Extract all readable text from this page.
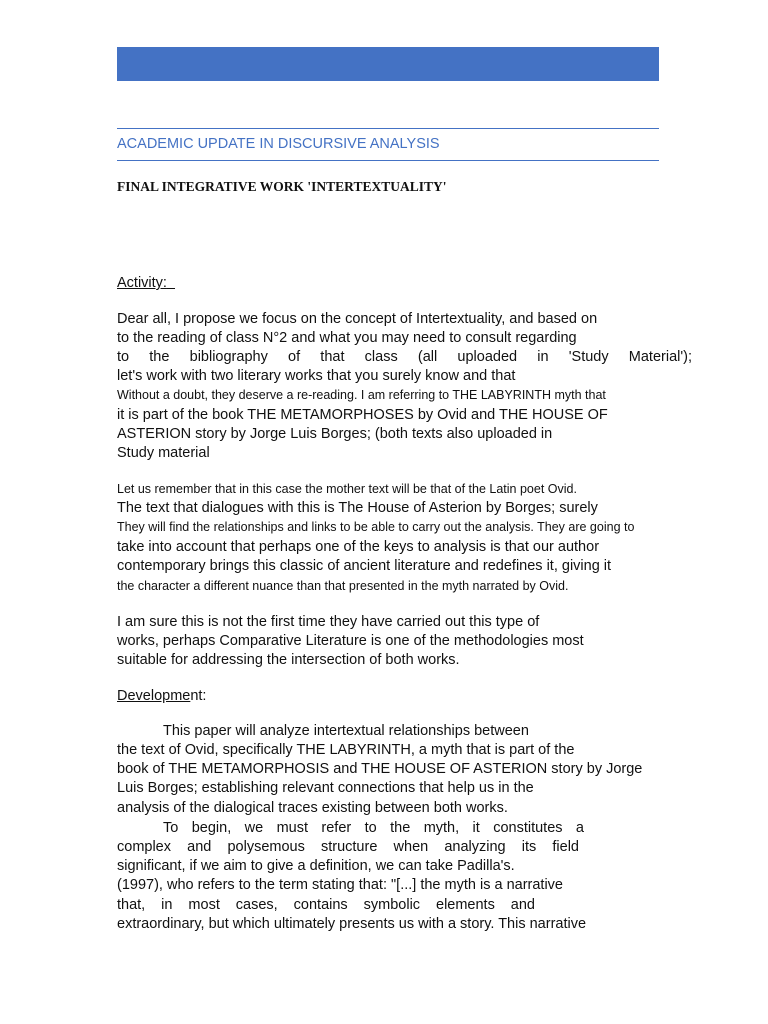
ACADEMIC UPDATE IN DISCURSIVE ANALYSIS
FINAL INTEGRATIVE WORK 'INTERTEXTUALITY'
Activity:
Dear all, I propose we focus on the concept of Intertextuality, and based on
to the reading of class N°2 and what you may need to consult regarding
to the bibliography of that class (all uploaded in 'Study Material');
let's work with two literary works that you surely know and that
Without a doubt, they deserve a re-reading. I am referring to THE LABYRINTH myth that
it is part of the book THE METAMORPHOSES by Ovid and THE HOUSE OF
ASTERION story by Jorge Luis Borges; (both texts also uploaded in
Study material
Let us remember that in this case the mother text will be that of the Latin poet Ovid.
The text that dialogues with this is The House of Asterion by Borges; surely
They will find the relationships and links to be able to carry out the analysis. They are going to
take into account that perhaps one of the keys to analysis is that our author
contemporary brings this classic of ancient literature and redefines it, giving it
the character a different nuance than that presented in the myth narrated by Ovid.
I am sure this is not the first time they have carried out this type of
works, perhaps Comparative Literature is one of the methodologies most
suitable for addressing the intersection of both works.
Development:
This paper will analyze intertextual relationships between
the text of Ovid, specifically THE LABYRINTH, a myth that is part of the
book of THE METAMORPHOSIS and THE HOUSE OF ASTERION story by Jorge
Luis Borges; establishing relevant connections that help us in the
analysis of the dialogical traces existing between both works.
To begin, we must refer to the myth, it constitutes a
complex and polysemous structure when analyzing its field
significant, if we aim to give a definition, we can take Padilla's.
(1997), who refers to the term stating that: "[...] the myth is a narrative
that, in most cases, contains symbolic elements and
extraordinary, but which ultimately presents us with a story. This narrative
